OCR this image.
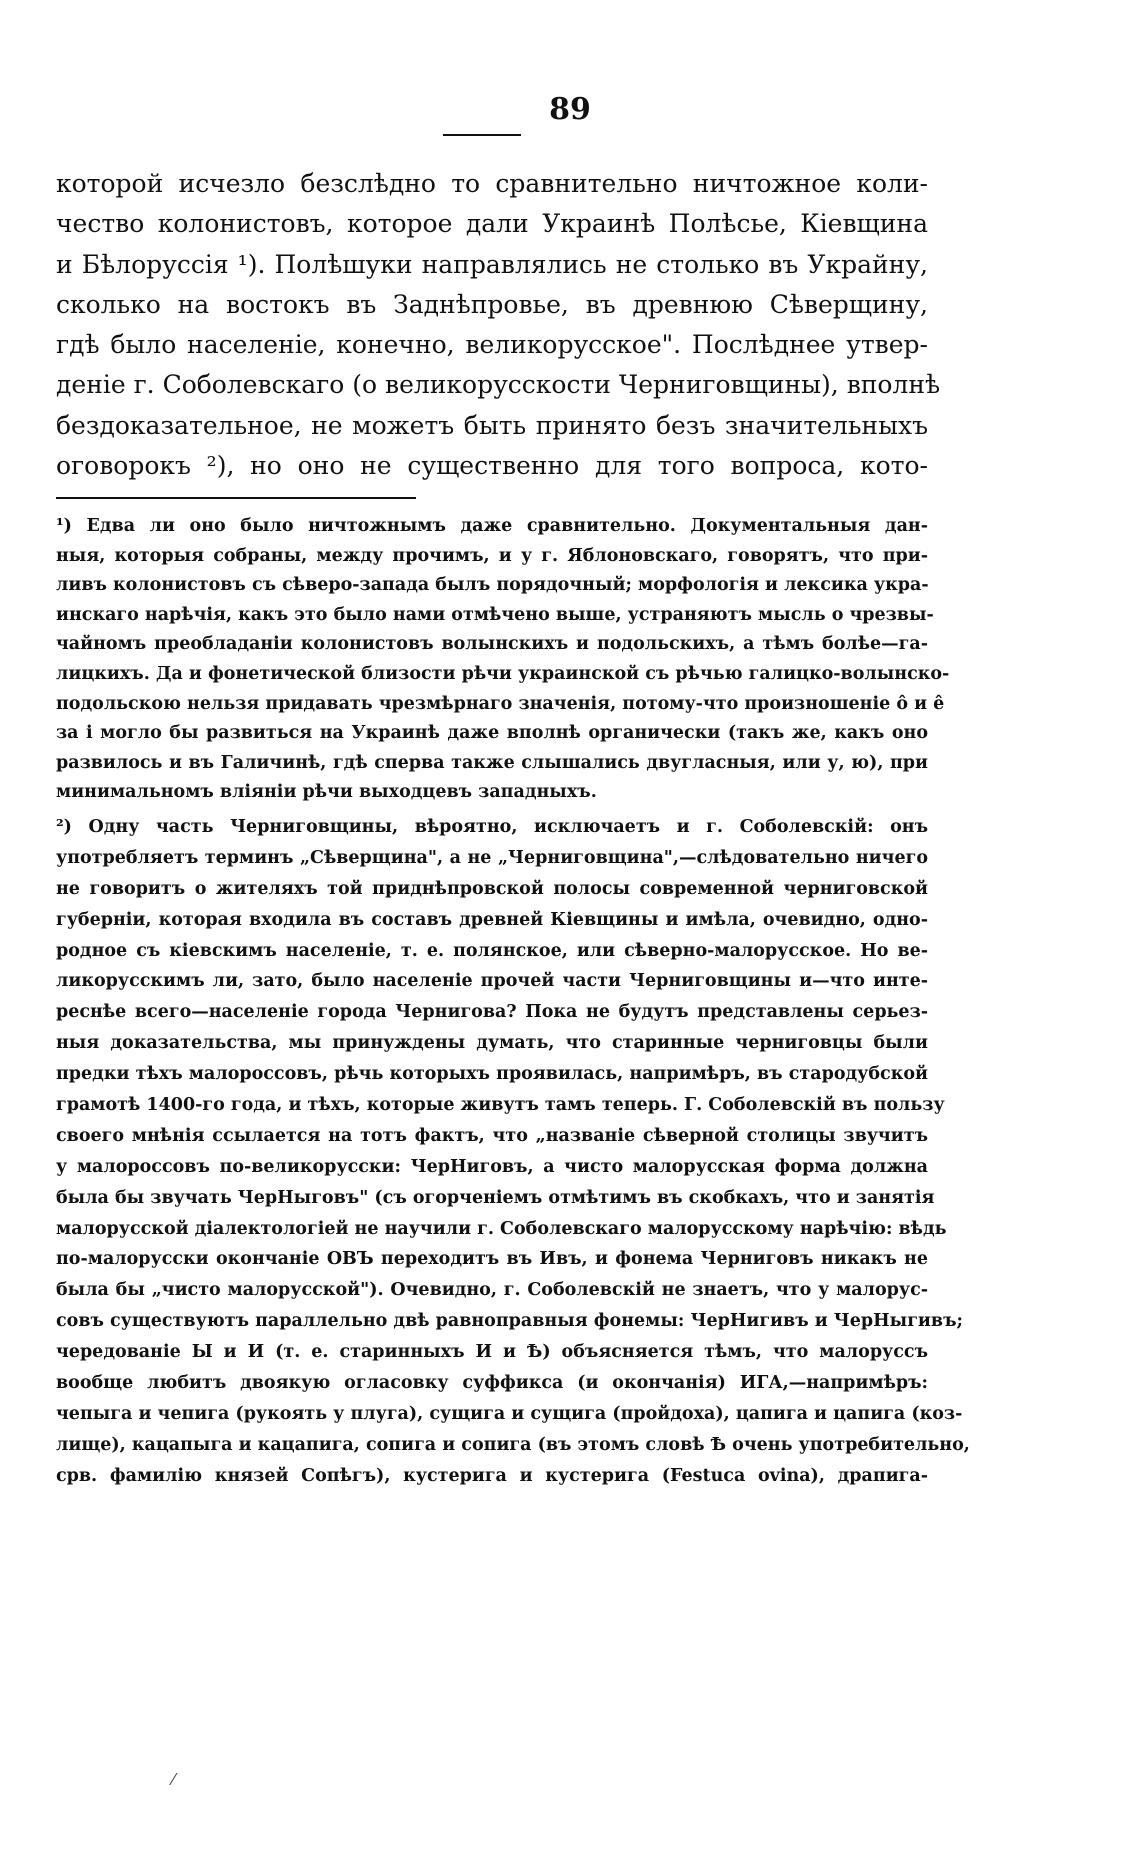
89
которой исчезло безслѣдно то сравнительно ничтожное коли-
чество колонистовъ, которое дали Украинѣ Полѣсье, Кіевщина
и Бѣлоруссія ¹). Полѣшуки направлялись не столько въ Украйну,
сколько на востокъ въ Заднѣпровье, въ древнюю Сѣверщину,
гдѣ было населеніе, конечно, великорусское". Послѣднее утвер-
деніе г. Соболевскаго (о великорусскости Черниговщины), вполнѣ
бездоказательное, не можетъ быть принято безъ значительныхъ
оговорокъ ²), но оно не существенно для того вопроса, кото-
¹) Едва ли оно было ничтожнымъ даже сравнительно. Документальныя дан-
ныя, которыя собраны, между прочимъ, и у г. Яблоновскаго, говорятъ, что при-
ливъ колонистовъ съ сѣверо-запада былъ порядочный; морфологія и лексика укра-
инскаго нарѣчія, какъ это было нами отмѣчено выше, устраняютъ мысль о чрезвы-
чайномъ преобладаніи колонистовъ волынскихъ и подольскихъ, а тѣмъ болѣе—га-
лицкихъ. Да и фонетической близости рѣчи украинской съ рѣчью галицко-волынско-
подольскою нельзя придавать чрезмѣрнаго значенія, потому-что произношеніе ô и ê
за і могло бы развиться на Украинѣ даже вполнѣ органически (такъ же, какъ оно
развилось и въ Галичинѣ, гдѣ сперва также слышались двугласныя, или у, ю), при
минимальномъ вліяніи рѣчи выходцевъ западныхъ.
²) Одну часть Черниговщины, вѣроятно, исключаетъ и г. Соболевскій: онъ
употребляетъ терминъ „Сѣверщина", а не „Черниговщина",—слѣдовательно ничего
не говоритъ о жителяхъ той приднѣпровской полосы современной черниговской
губерніи, которая входила въ составъ древней Кіевщины и имѣла, очевидно, одно-
родное съ кіевскимъ населеніе, т. е. полянское, или сѣверно-малорусское. Но ве-
ликорусскимъ ли, зато, было населеніе прочей части Черниговщины и—что инте-
реснѣе всего—населеніе города Чернигова? Пока не будутъ представлены серьез-
ныя доказательства, мы принуждены думать, что старинные черниговцы были
предки тѣхъ малороссовъ, рѣчь которыхъ проявилась, напримѣръ, въ стародубской
грамотѣ 1400-го года, и тѣхъ, которые живутъ тамъ теперь. Г. Соболевскій въ пользу
своего мнѣнія ссылается на тотъ фактъ, что „названіе сѣверной столицы звучитъ
у малороссовъ по-великорусски: ЧерНиговъ, а чисто малорусская форма должна
была бы звучать ЧерНыговъ" (съ огорченіемъ отмѣтимъ въ скобкахъ, что и занятія
малорусской діалектологіей не научили г. Соболевскаго малорусскому нарѣчію: вѣдь
по-малорусски окончаніе ОВЪ переходитъ въ Ивъ, и фонема Черниговъ никакъ не
была бы „чисто малорусской"). Очевидно, г. Соболевскій не знаетъ, что у малорус-
совъ существуютъ параллельно двѣ равноправныя фонемы: ЧерНигивъ и ЧерНыгивъ;
чередованіе Ы и И (т. е. старинныхъ И и Ѣ) объясняется тѣмъ, что малоруссъ
вообще любитъ двоякую огласовку суффикса (и окончанія) ИГА,—напримѣръ:
чепыга и чепига (рукоять у плуга), сущига и сущига (пройдоха), цапига и цапига (коз-
лище), кацапыга и кацапига, сопига и сопига (въ этомъ словѣ Ѣ очень употребительно,
срв. фамилію князей Сопѣгъ), кустерига и кустерига (Festuca ovina), драпига-
⁄
